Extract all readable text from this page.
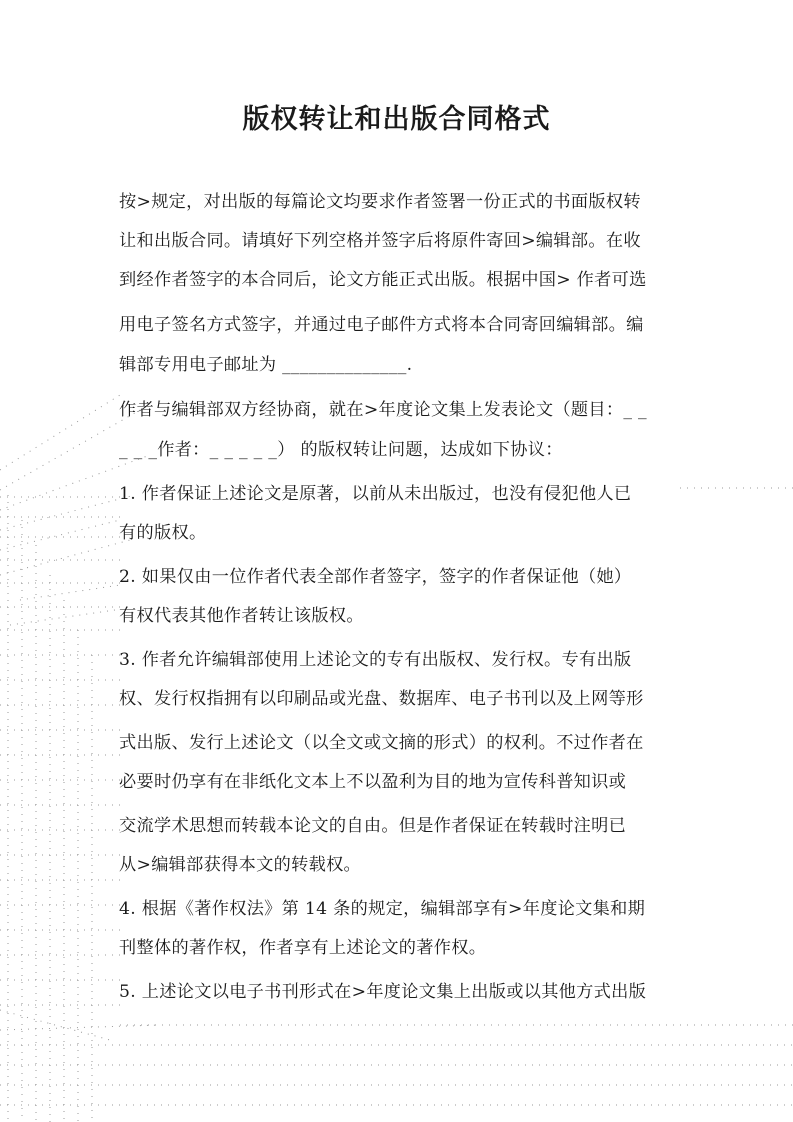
版权转让和出版合同格式
按>规定，对出版的每篇论文均要求作者签署一份正式的书面版权转
让和出版合同。请填好下列空格并签字后将原件寄回>编辑部。在收
到经作者签字的本合同后，论文方能正式出版。根据中国> 作者可选
用电子签名方式签字，并通过电子邮件方式将本合同寄回编辑部。编
辑部专用电子邮址为 ______________.
作者与编辑部双方经协商，就在>年度论文集上发表论文（题目：_ _
_ _ _作者：_ _ _ _ _） 的版权转让问题，达成如下协议：
1. 作者保证上述论文是原著，以前从未出版过，也没有侵犯他人已
有的版权。
2. 如果仅由一位作者代表全部作者签字，签字的作者保证他（她）
有权代表其他作者转让该版权。
3. 作者允许编辑部使用上述论文的专有出版权、发行权。专有出版
权、发行权指拥有以印刷品或光盘、数据库、电子书刊以及上网等形
式出版、发行上述论文（以全文或文摘的形式）的权利。不过作者在
必要时仍享有在非纸化文本上不以盈利为目的地为宣传科普知识或
交流学术思想而转载本论文的自由。但是作者保证在转载时注明已
从>编辑部获得本文的转载权。
4. 根据《著作权法》第 14 条的规定，编辑部享有>年度论文集和期
刊整体的著作权，作者享有上述论文的著作权。
5. 上述论文以电子书刊形式在>年度论文集上出版或以其他方式出版
